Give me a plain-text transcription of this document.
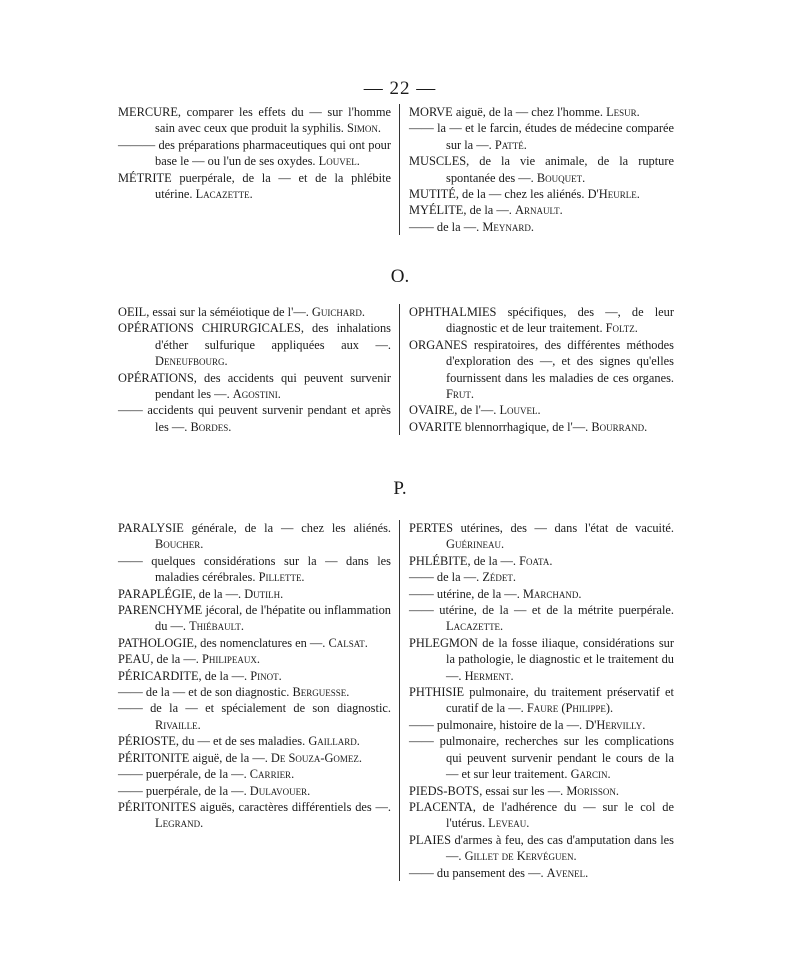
— 22 —
MERCURE, comparer les effets du — sur l'homme sain avec ceux que produit la syphilis. Simon.
——— des préparations pharmaceutiques qui ont pour base le — ou l'un de ses oxydes. Louvel.
MÉTRITE puerpérale, de la — et de la phlébite utérine. Lacazette.
MORVE aiguë, de la — chez l'homme. Lesur.
—— la — et le farcin, études de médecine comparée sur la —. Patté.
MUSCLES, de la vie animale, de la rupture spontanée des —. Bouquet.
MUTITÉ, de la — chez les aliénés. D'Heurle.
MYÉLITE, de la —. Arnault.
—— de la —. Meynard.
O.
OEIL, essai sur la séméiotique de l'—. Guichard.
OPÉRATIONS CHIRURGICALES, des inhalations d'éther sulfurique appliquées aux —. Deneufbourg.
OPÉRATIONS, des accidents qui peuvent survenir pendant les —. Agostini.
—— accidents qui peuvent survenir pendant et après les —. Bordes.
OPHTHALMIES spécifiques, des —, de leur diagnostic et de leur traitement. Foltz.
ORGANES respiratoires, des différentes méthodes d'exploration des —, et des signes qu'elles fournissent dans les maladies de ces organes. Frut.
OVAIRE, de l'—. Louvel.
OVARITE blennorrhagique, de l'—. Bourrand.
P.
PARALYSIE générale, de la — chez les aliénés. Boucher.
—— quelques considérations sur la — dans les maladies cérébrales. Pillette.
PARAPLÉGIE, de la —. Dutilh.
PARENCHYME jécoral, de l'hépatite ou inflammation du —. Thiébault.
PATHOLOGIE, des nomenclatures en —. Calsat.
PEAU, de la —. Philipeaux.
PÉRICARDITE, de la —. Pinot.
—— de la — et de son diagnostic. Berguesse.
—— de la — et spécialement de son diagnostic. Rivaille.
PÉRIOSTE, du — et de ses maladies. Gaillard.
PÉRITONITE aiguë, de la —. De Souza-Gomez.
—— puerpérale, de la —. Carrier.
—— puerpérale, de la —. Dulavouer.
PÉRITONITES aiguës, caractères différentiels des —. Legrand.
PERTES utérines, des — dans l'état de vacuité. Guérineau.
PHLÉBITE, de la —. Foata.
—— de la —. Zédet.
—— utérine, de la —. Marchand.
—— utérine, de la — et de la métrite puerpérale. Lacazette.
PHLEGMON de la fosse iliaque, considérations sur la pathologie, le diagnostic et le traitement du —. Herment.
PHTHISIE pulmonaire, du traitement préservatif et curatif de la —. Faure (Philippe).
—— pulmonaire, histoire de la —. D'Hervilly.
—— pulmonaire, recherches sur les complications qui peuvent survenir pendant le cours de la — et sur leur traitement. Garcin.
PIEDS-BOTS, essai sur les —. Morisson.
PLACENTA, de l'adhérence du — sur le col de l'utérus. Leveau.
PLAIES d'armes à feu, des cas d'amputation dans les —. Gillet de Kervéguen.
—— du pansement des —. Avenel.
